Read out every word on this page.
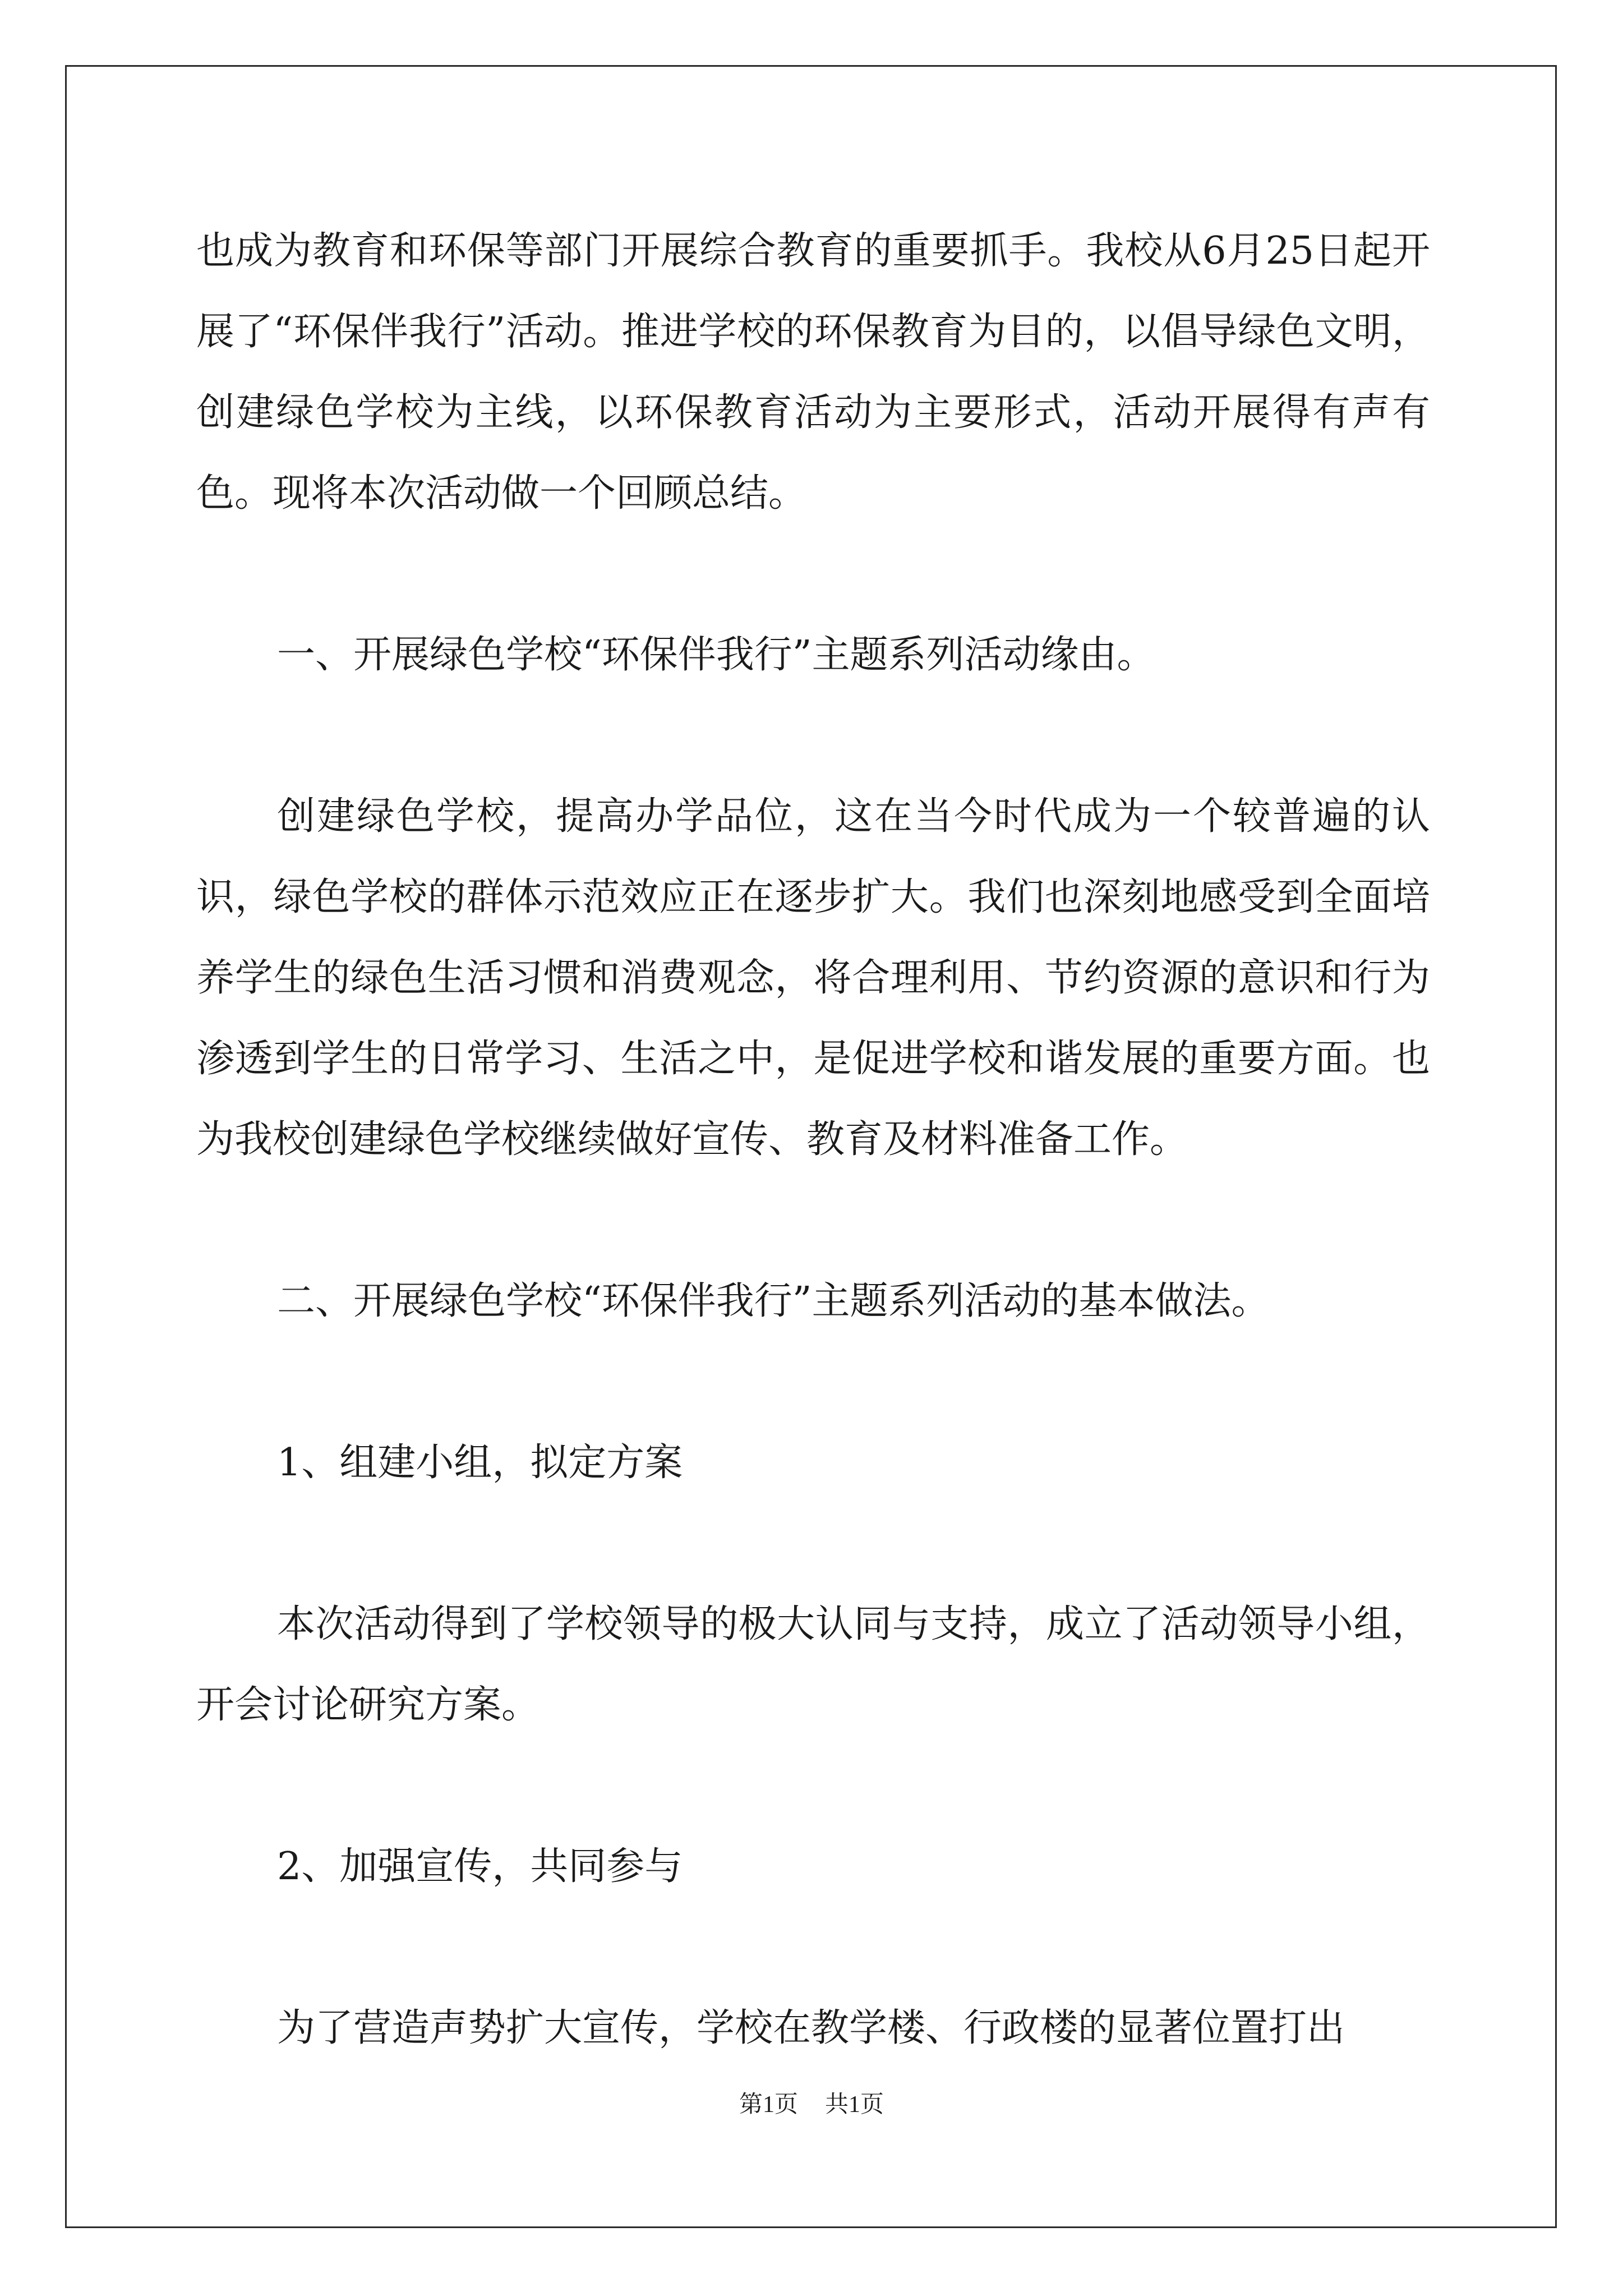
也成为教育和环保等部门开展综合教育的重要抓手。我校从6月25日起开展了“环保伴我行”活动。推进学校的环保教育为目的，以倡导绿色文明，创建绿色学校为主线，以环保教育活动为主要形式，活动开展得有声有色。现将本次活动做一个回顾总结。

一、开展绿色学校“环保伴我行”主题系列活动缘由。

创建绿色学校，提高办学品位，这在当今时代成为一个较普遍的认识，绿色学校的群体示范效应正在逐步扩大。我们也深刻地感受到全面培养学生的绿色生活习惯和消费观念，将合理利用、节约资源的意识和行为渗透到学生的日常学习、生活之中，是促进学校和谐发展的重要方面。也为我校创建绿色学校继续做好宣传、教育及材料准备工作。

二、开展绿色学校“环保伴我行”主题系列活动的基本做法。

1、组建小组，拟定方案

本次活动得到了学校领导的极大认同与支持，成立了活动领导小组，开会讨论研究方案。

2、加强宣传，共同参与

为了营造声势扩大宣传，学校在教学楼、行政楼的显著位置打出

第1页 共1页
